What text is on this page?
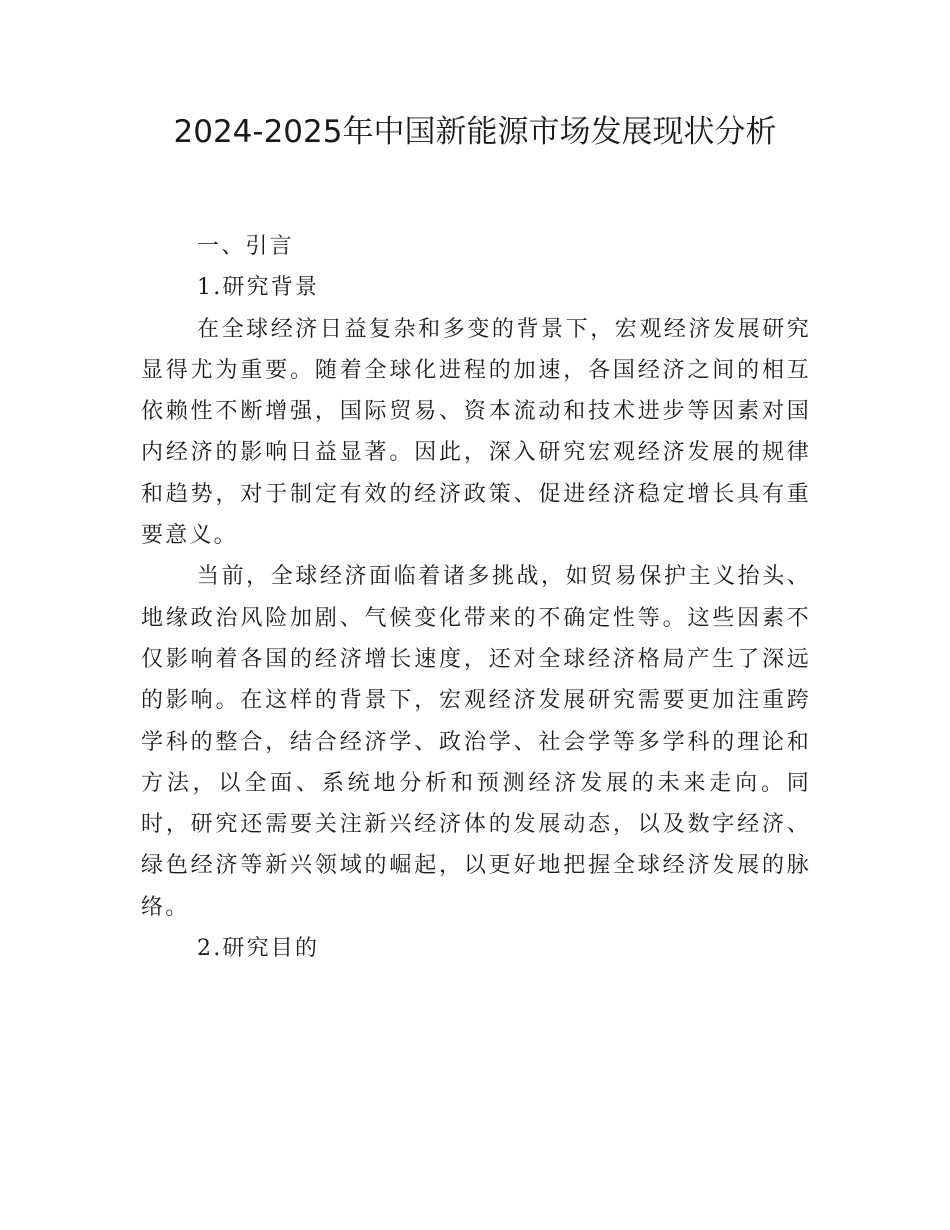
2024-2025年中国新能源市场发展现状分析

一、引言

1.研究背景

在全球经济日益复杂和多变的背景下，宏观经济发展研究显得尤为重要。随着全球化进程的加速，各国经济之间的相互依赖性不断增强，国际贸易、资本流动和技术进步等因素对国内经济的影响日益显著。因此，深入研究宏观经济发展的规律和趋势，对于制定有效的经济政策、促进经济稳定增长具有重要意义。

当前，全球经济面临着诸多挑战，如贸易保护主义抬头、地缘政治风险加剧、气候变化带来的不确定性等。这些因素不仅影响着各国的经济增长速度，还对全球经济格局产生了深远的影响。在这样的背景下，宏观经济发展研究需要更加注重跨学科的整合，结合经济学、政治学、社会学等多学科的理论和方法，以全面、系统地分析和预测经济发展的未来走向。同时，研究还需要关注新兴经济体的发展动态，以及数字经济、绿色经济等新兴领域的崛起，以更好地把握全球经济发展的脉络。

2.研究目的
